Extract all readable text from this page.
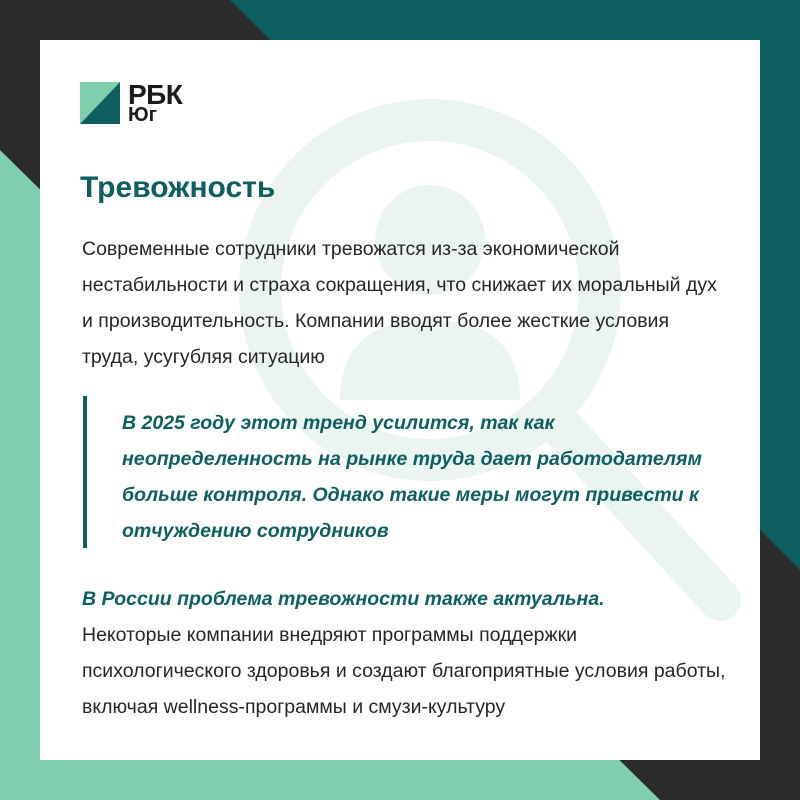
РБК
Юг
Тревожность

Современные сотрудники тревожатся из-за экономической нестабильности и страха сокращения, что снижает их моральный дух и производительность. Компании вводят более жесткие условия труда, усугубляя ситуацию

В 2025 году этот тренд усилится, так как неопределенность на рынке труда дает работодателям больше контроля. Однако такие меры могут привести к отчуждению сотрудников

В России проблема тревожности также актуальна.

Некоторые компании внедряют программы поддержки психологического здоровья и создают благоприятные условия работы, включая wellness-программы и смузи-культуру
